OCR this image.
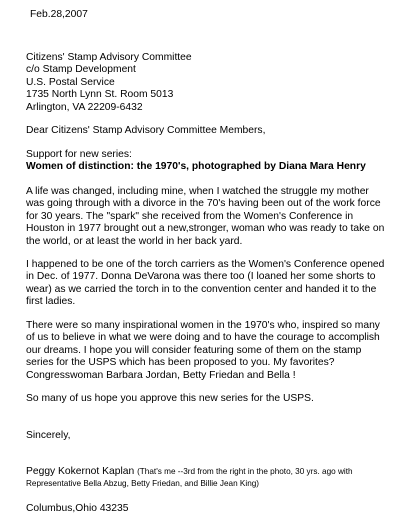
Feb.28,2007

Citizens' Stamp Advisory Committee
c/o Stamp Development
U.S. Postal Service
1735 North Lynn St. Room 5013
Arlington, VA 22209-6432

Dear Citizens' Stamp Advisory Committee Members,

Support for new series:
Women of distinction: the 1970's, photographed by Diana Mara Henry

A life was changed, including mine, when I watched the struggle my mother
was going through with a divorce in the 70's having been out of the work force
for 30 years. The "spark" she received from the Women's Conference in
Houston in 1977 brought out a new,stronger, woman who was ready to take on
the world, or at least the world in her back yard.

I happened to be one of the torch carriers as the Women's Conference opened
in Dec. of 1977. Donna DeVarona was there too (I loaned her some shorts to
wear) as we carried the torch in to the convention center and handed it to the
first ladies.

There were so many inspirational women in the 1970's who, inspired so many
of us to believe in what we were doing and to have the courage to accomplish
our dreams. I hope you will consider featuring some of them on the stamp
series for the USPS which has been proposed to you. My favorites?
Congresswoman Barbara Jordan, Betty Friedan and Bella !

So many of us hope you approve this new series for the USPS.

Sincerely,

Peggy Kokernot Kaplan (That's me --3rd from the right in the photo, 30 yrs. ago with
Representative Bella Abzug, Betty Friedan, and Billie Jean King)

Columbus,Ohio 43235
